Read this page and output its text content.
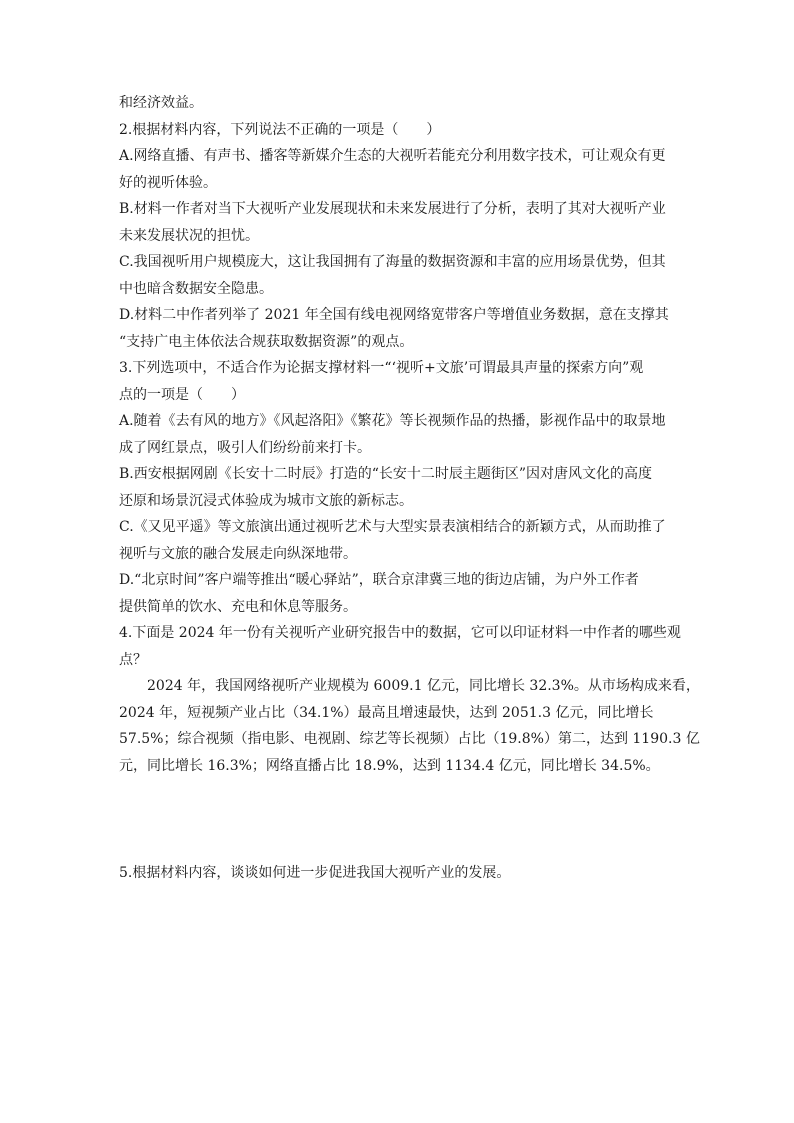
和经济效益。
2.根据材料内容，下列说法不正确的一项是（　　）
A.网络直播、有声书、播客等新媒介生态的大视听若能充分利用数字技术，可让观众有更
好的视听体验。
B.材料一作者对当下大视听产业发展现状和未来发展进行了分析，表明了其对大视听产业
未来发展状况的担忧。
C.我国视听用户规模庞大，这让我国拥有了海量的数据资源和丰富的应用场景优势，但其
中也暗含数据安全隐患。
D.材料二中作者列举了 2021 年全国有线电视网络宽带客户等增值业务数据，意在支撑其
“支持广电主体依法合规获取数据资源”的观点。
3.下列选项中，不适合作为论据支撑材料一“‘视听+文旅’可谓最具声量的探索方向”观
点的一项是（　　）
A.随着《去有风的地方》《风起洛阳》《繁花》等长视频作品的热播，影视作品中的取景地
成了网红景点，吸引人们纷纷前来打卡。
B.西安根据网剧《长安十二时辰》打造的“长安十二时辰主题街区”因对唐风文化的高度
还原和场景沉浸式体验成为城市文旅的新标志。
C.《又见平遥》等文旅演出通过视听艺术与大型实景表演相结合的新颖方式，从而助推了
视听与文旅的融合发展走向纵深地带。
D.“北京时间”客户端等推出“暖心驿站”，联合京津冀三地的街边店铺，为户外工作者
提供简单的饮水、充电和休息等服务。
4.下面是 2024 年一份有关视听产业研究报告中的数据，它可以印证材料一中作者的哪些观
点？
2024 年，我国网络视听产业规模为 6009.1 亿元，同比增长 32.3%。从市场构成来看，
2024 年，短视频产业占比（34.1%）最高且增速最快，达到 2051.3 亿元，同比增长
57.5%；综合视频（指电影、电视剧、综艺等长视频）占比（19.8%）第二，达到 1190.3 亿
元，同比增长 16.3%；网络直播占比 18.9%，达到 1134.4 亿元，同比增长 34.5%。
5.根据材料内容，谈谈如何进一步促进我国大视听产业的发展。
